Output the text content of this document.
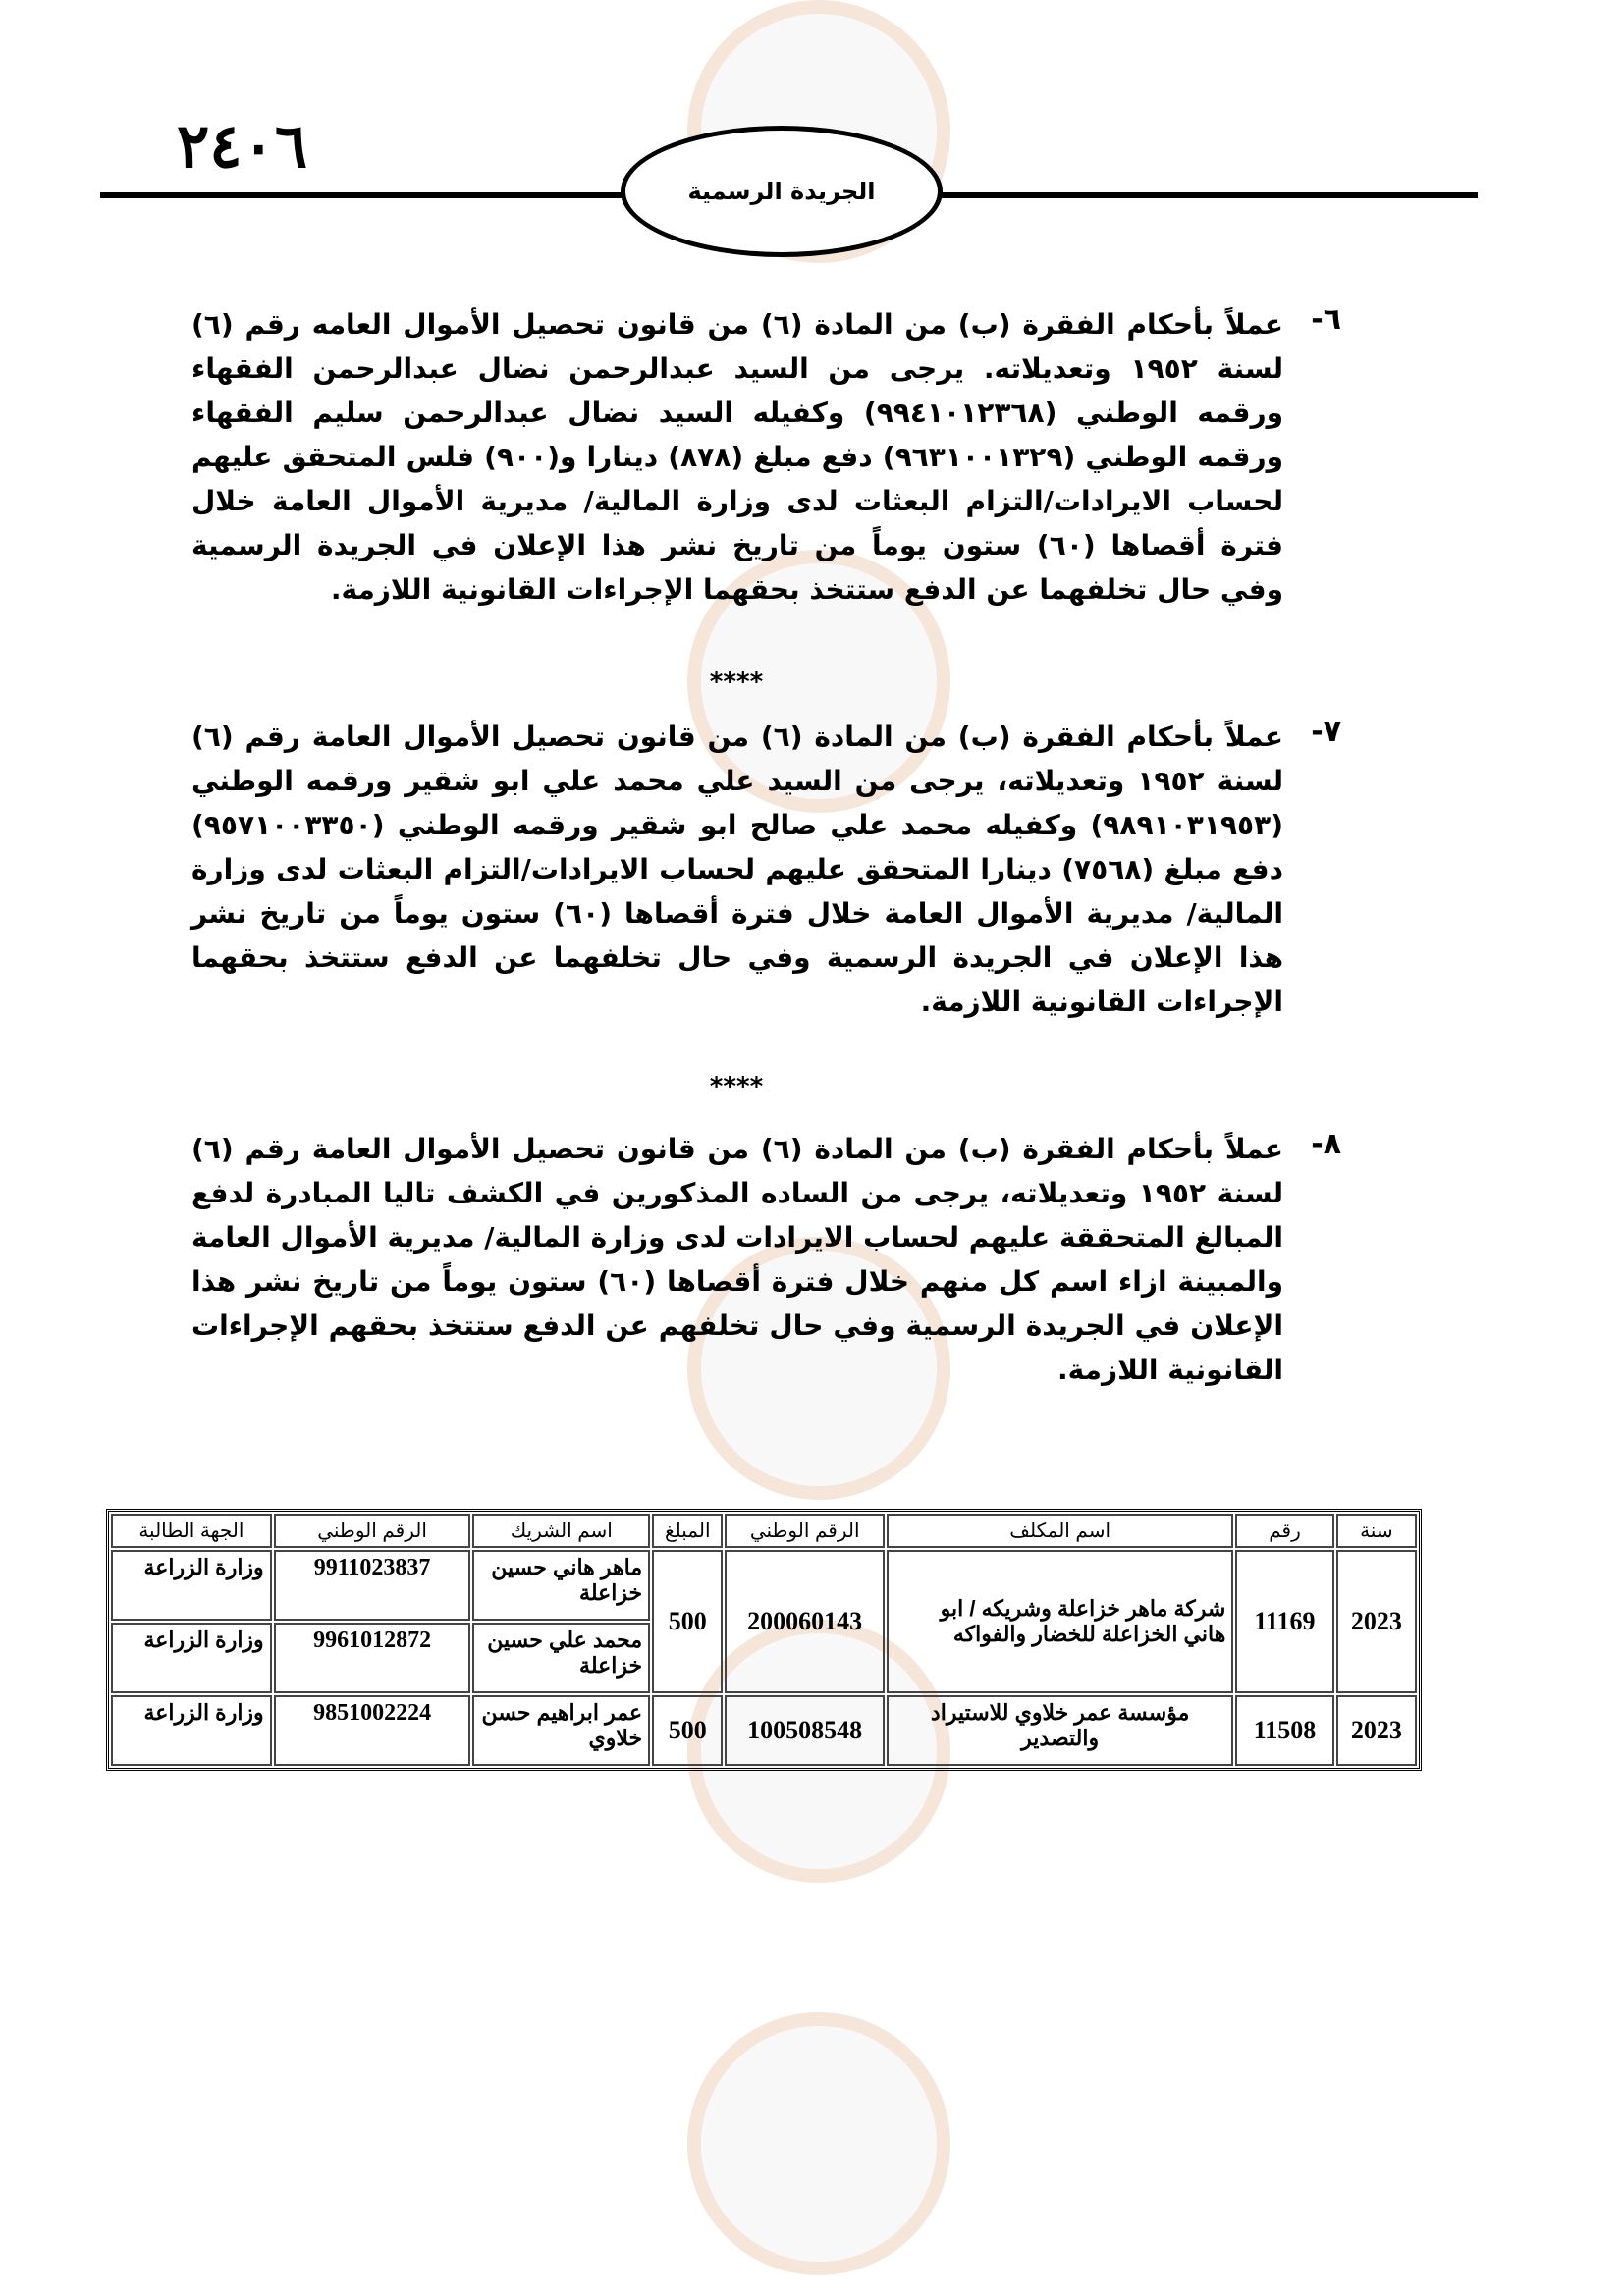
٢٤٠٦
الجريدة الرسمية
٦-
عملاً بأحكام الفقرة (ب) من المادة (٦) من قانون تحصيل الأموال العامه رقم (٦) لسنة ١٩٥٢ وتعديلاته. يرجى من السيد عبدالرحمن نضال عبدالرحمن الفقهاء ورقمه الوطني (٩٩٤١٠١٢٣٦٨) وكفيله السيد نضال عبدالرحمن سليم الفقهاء ورقمه الوطني (٩٦٣١٠٠١٣٢٩) دفع مبلغ (٨٧٨) دينارا و(٩٠٠) فلس المتحقق عليهم لحساب الايرادات/التزام البعثات لدى وزارة المالية/ مديرية الأموال العامة خلال فترة أقصاها (٦٠) ستون يوماً من تاريخ نشر هذا الإعلان في الجريدة الرسمية وفي حال تخلفهما عن الدفع ستتخذ بحقهما الإجراءات القانونية اللازمة.
****
٧-
عملاً بأحكام الفقرة (ب) من المادة (٦) من قانون تحصيل الأموال العامة رقم (٦) لسنة ١٩٥٢ وتعديلاته، يرجى من السيد علي محمد علي ابو شقير ورقمه الوطني (٩٨٩١٠٣١٩٥٣) وكفيله محمد علي صالح ابو شقير ورقمه الوطني (٩٥٧١٠٠٣٣٥٠) دفع مبلغ (٧٥٦٨) دينارا المتحقق عليهم لحساب الايرادات/التزام البعثات لدى وزارة المالية/ مديرية الأموال العامة خلال فترة أقصاها (٦٠) ستون يوماً من تاريخ نشر هذا الإعلان في الجريدة الرسمية وفي حال تخلفهما عن الدفع ستتخذ بحقهما الإجراءات القانونية اللازمة.
****
٨-
عملاً بأحكام الفقرة (ب) من المادة (٦) من قانون تحصيل الأموال العامة رقم (٦) لسنة ١٩٥٢ وتعديلاته، يرجى من الساده المذكورين في الكشف تاليا المبادرة لدفع المبالغ المتحققة عليهم لحساب الايرادات لدى وزارة المالية/ مديرية الأموال العامة والمبينة ازاء اسم كل منهم خلال فترة أقصاها (٦٠) ستون يوماً من تاريخ نشر هذا الإعلان في الجريدة الرسمية وفي حال تخلفهم عن الدفع ستتخذ بحقهم الإجراءات القانونية اللازمة.
سنة	رقم	اسم المكلف	الرقم الوطني	المبلغ	اسم الشريك	الرقم الوطني	الجهة الطالبة
2023	11169	شركة ماهر خزاعلة وشريكه / ابو هاني الخزاعلة للخضار والفواكه	200060143	500	ماهر هاني حسين خزاعلة	9911023837	وزارة الزراعة
					محمد علي حسين خزاعلة	9961012872	وزارة الزراعة
2023	11508	مؤسسة عمر خلاوي للاستيراد والتصدير	100508548	500	عمر ابراهيم حسن خلاوي	9851002224	وزارة الزراعة
